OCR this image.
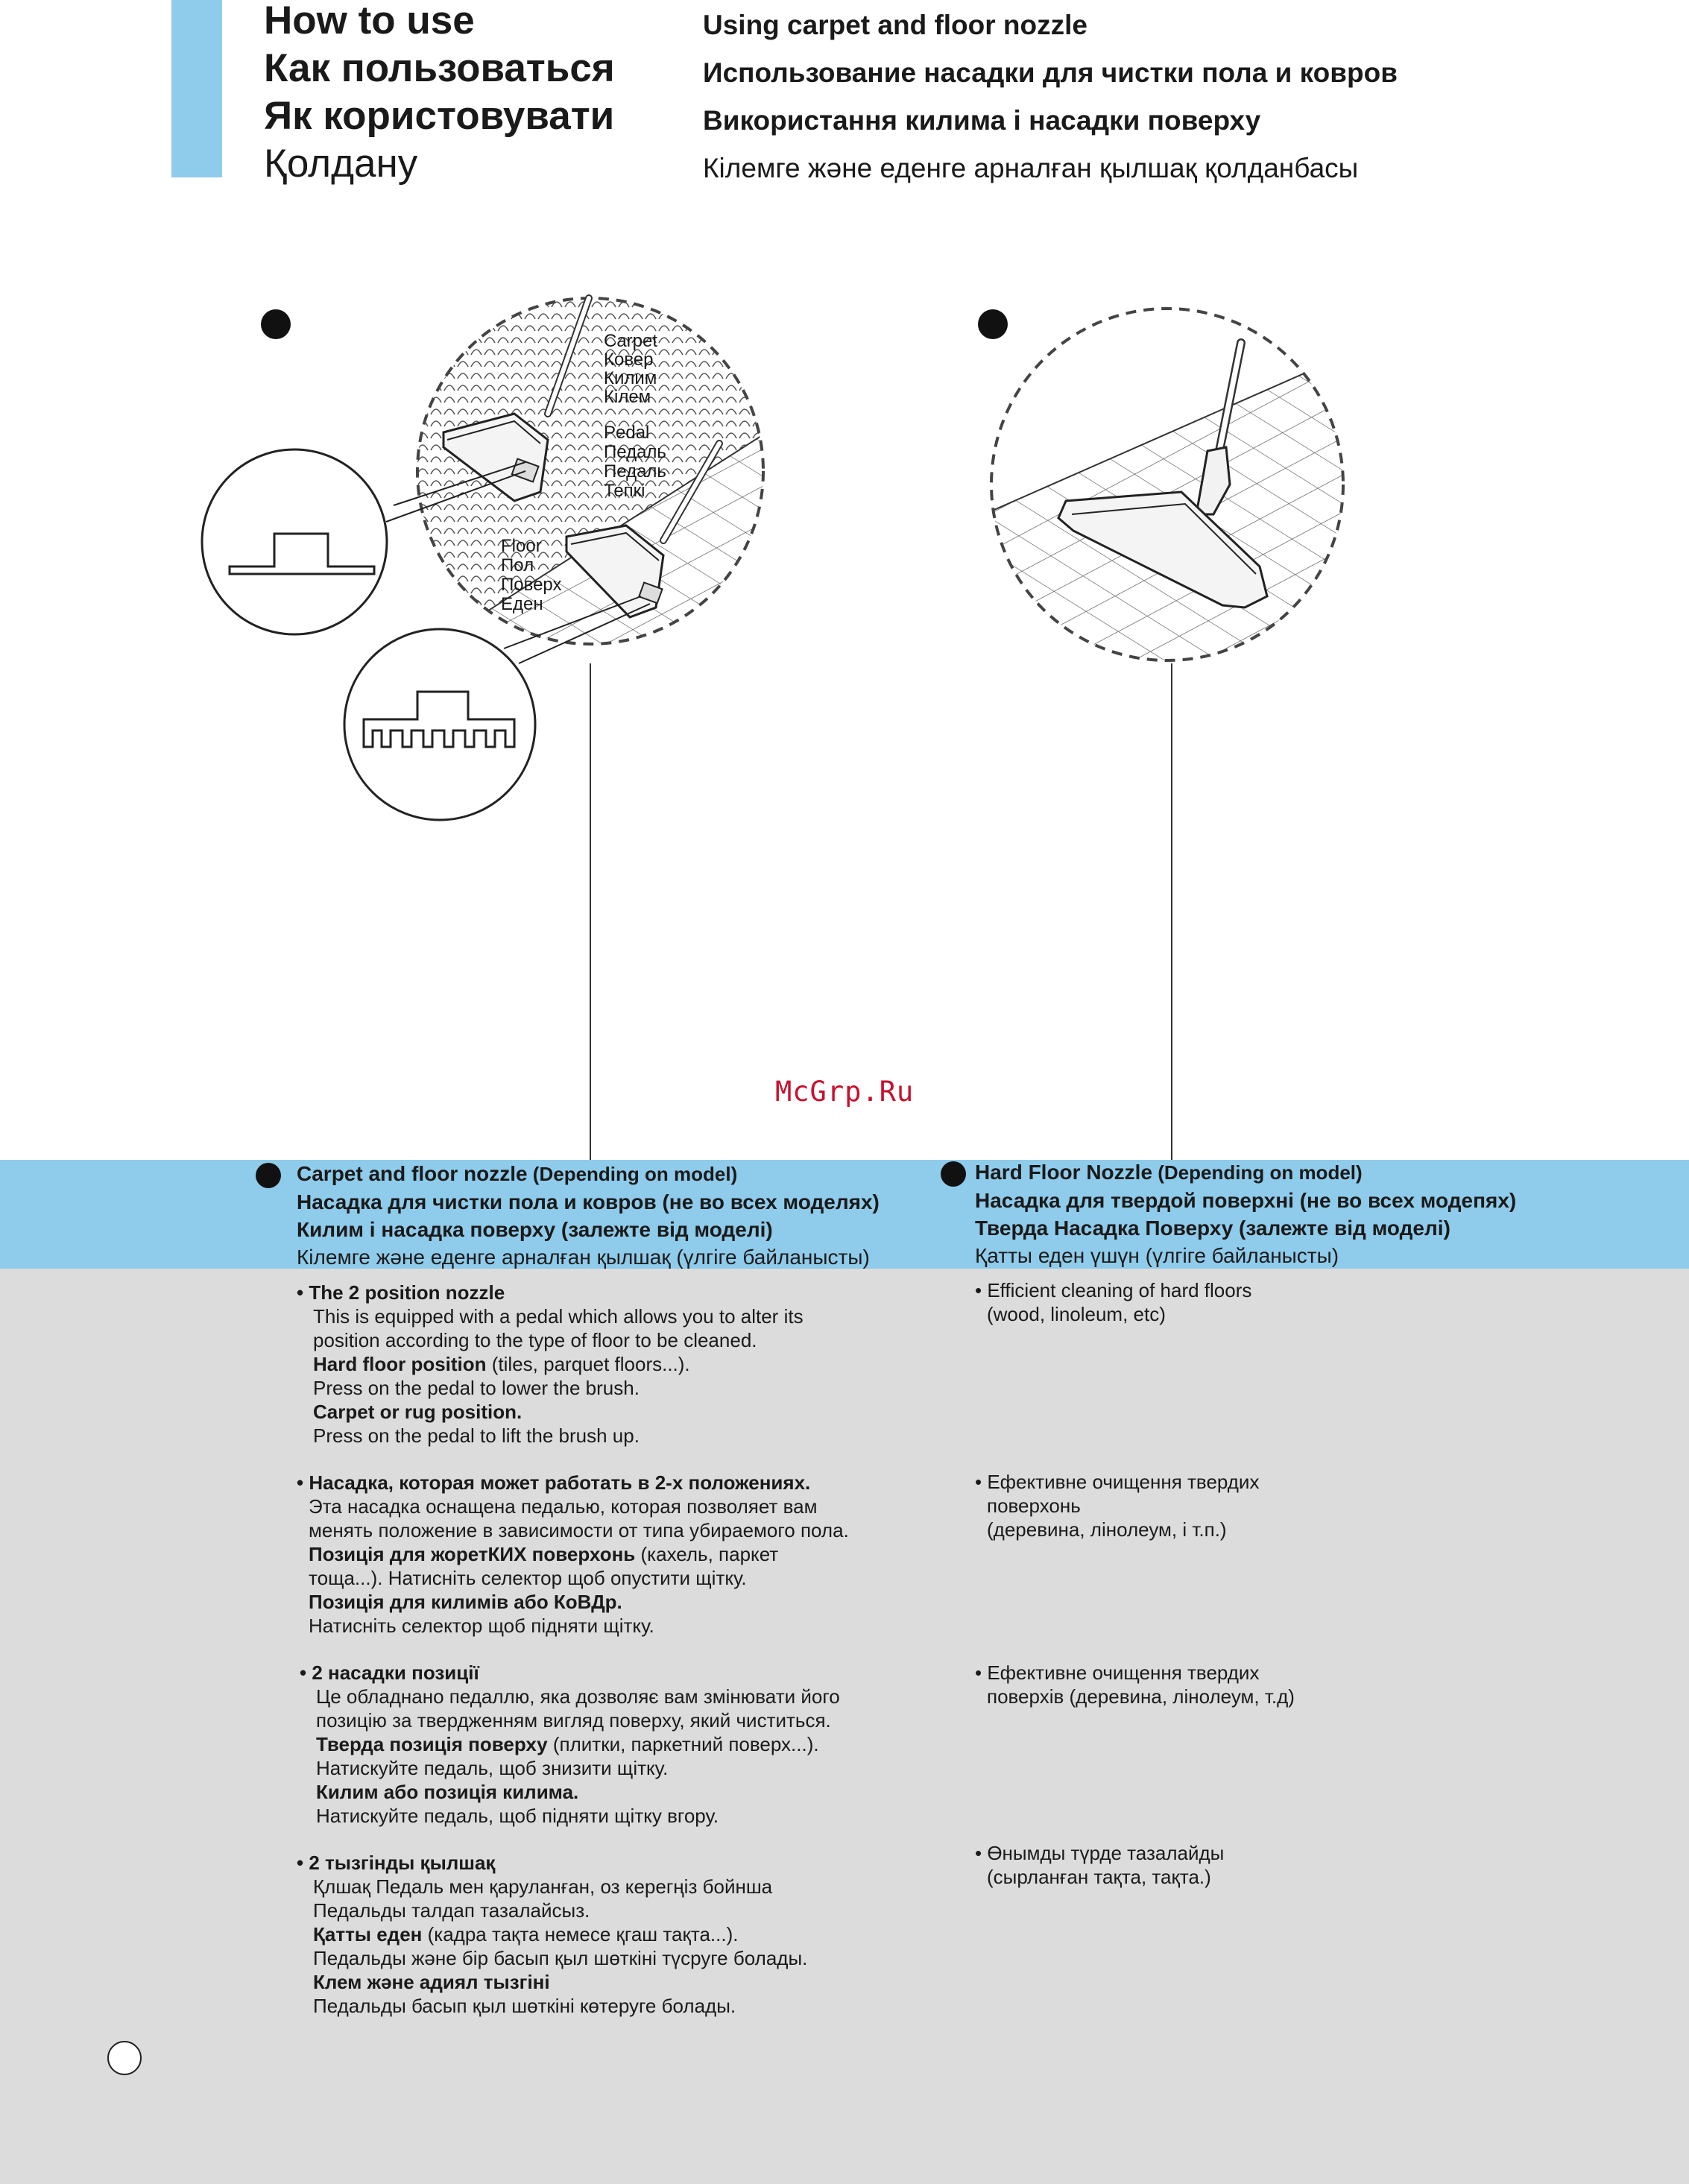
How to use
Как пользоваться
Як користовувати
Қолдану
Using carpet and floor nozzle
Использование насадки для чистки пола и ковров
Використання килима і насадки поверху
Кілемге жəне еденге арналған қылшақ қолданбасы
Carpet
Ковер
Килим
Кілем
Pedal
Педаль
Педаль
Тепкі
Floor
Пол
Поверх
Еден
McGrp.Ru
Carpet and floor nozzle (Depending on model)
Насадка для чистки пола и ковров (не во всех моделях)
Килим і насадка поверху (залежте від моделі)
Кілемге жəне еденге арналған қылшақ (үлгіге байланысты)
Hard Floor Nozzle (Depending on model)
Насадка для твердой поверхні (не во всех модепях)
Тверда Насадка Поверху (залежте від моделі)
Қатты еден үшүн (үлгіге байланысты)
• The 2 position nozzle
This is equipped with a pedal which allows you to alter its
position according to the type of floor to be cleaned.
Hard floor position (tiles, parquet floors...).
Press on the pedal to lower the brush.
Carpet or rug position.
Press on the pedal to lift the brush up.
• Насадка, которая может работать в 2-х положениях.
Эта насадка оснащена педалью, которая позволяет вам
менять положение в зависимости от типа убираемого пола.
Позиція для жоретКИХ поверхонь (кахель, паркет
тоща...). Натисніть селектор щоб опустити щітку.
Позиція для килимів або КоВДр.
Натисніть селектор щоб підняти щітку.
• 2 насадки позиції
Це обладнано педаллю, яка дозволяє вам змінювати його
позицію за твердженням вигляд поверху, який чиститься.
Тверда позиція поверху (плитки, паркетний поверх...).
Натискуйте педаль, щоб знизити щітку.
Килим або позиція килима.
Натискуйте педаль, щоб підняти щітку вгору.
• 2 тызгінды қылшақ
Қлшақ Педаль мен қаруланған, оз керегңіз бойнша
Педальды талдап тазалайсыз.
Қатты еден (кадра тақта немесе қгаш тақта...).
Педальды жəне бір басып қыл шөткіні түсруге болады.
Клем жəне адиял тызгіні
Педальды басып қыл шөткіні көтеруге болады.
• Efficient cleaning of hard floors
(wood, linoleum, etc)
• Ефективне очищення твердих
поверхонь
(деревина, лінолеум, і т.п.)
• Ефективне очищення твердих
поверхів (деревина, лінолеум, т.д)
• Өнымды түрде тазалайды
(сырланған тақта, тақта.)
